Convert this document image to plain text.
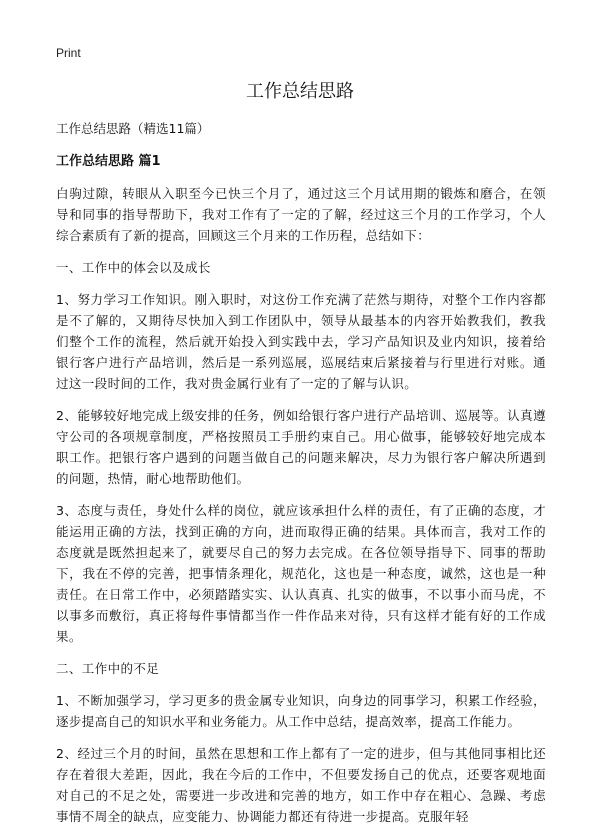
Print
工作总结思路

工作总结思路（精选11篇）

工作总结思路 篇1

白驹过隙，转眼从入职至今已快三个月了，通过这三个月试用期的锻炼和磨合，在领导和同事的指导帮助下，我对工作有了一定的了解，经过这三个月的工作学习，个人综合素质有了新的提高，回顾这三个月来的工作历程，总结如下：

一、工作中的体会以及成长

1、努力学习工作知识。刚入职时，对这份工作充满了茫然与期待，对整个工作内容都是不了解的，又期待尽快加入到工作团队中，领导从最基本的内容开始教我们，教我们整个工作的流程，然后就开始投入到实践中去，学习产品知识及业内知识，接着给银行客户进行产品培训，然后是一系列巡展，巡展结束后紧接着与行里进行对账。通过这一段时间的工作，我对贵金属行业有了一定的了解与认识。

2、能够较好地完成上级安排的任务，例如给银行客户进行产品培训、巡展等。认真遵守公司的各项规章制度，严格按照员工手册约束自己。用心做事，能够较好地完成本职工作。把银行客户遇到的问题当做自己的问题来解决，尽力为银行客户解决所遇到的问题，热情，耐心地帮助他们。

3、态度与责任，身处什么样的岗位，就应该承担什么样的责任，有了正确的态度，才能运用正确的方法，找到正确的方向，进而取得正确的结果。具体而言，我对工作的态度就是既然担起来了，就要尽自己的努力去完成。在各位领导指导下、同事的帮助下，我在不停的完善，把事情条理化，规范化，这也是一种态度，诚然，这也是一种责任。在日常工作中，必须踏踏实实、认认真真、扎实的做事，不以事小而马虎，不以事多而敷衍，真正将每件事情都当作一件作品来对待，只有这样才能有好的工作成果。

二、工作中的不足

1、不断加强学习，学习更多的贵金属专业知识，向身边的同事学习，积累工作经验，逐步提高自己的知识水平和业务能力。从工作中总结，提高效率，提高工作能力。

2、经过三个月的时间，虽然在思想和工作上都有了一定的进步，但与其他同事相比还存在着很大差距，因此，我在今后的工作中，不但要发扬自己的优点，还要客观地面对自己的不足之处，需要进一步改进和完善的地方，如工作中存在粗心、急躁、考虑事情不周全的缺点，应变能力、协调能力都还有待进一步提高。克服年轻
